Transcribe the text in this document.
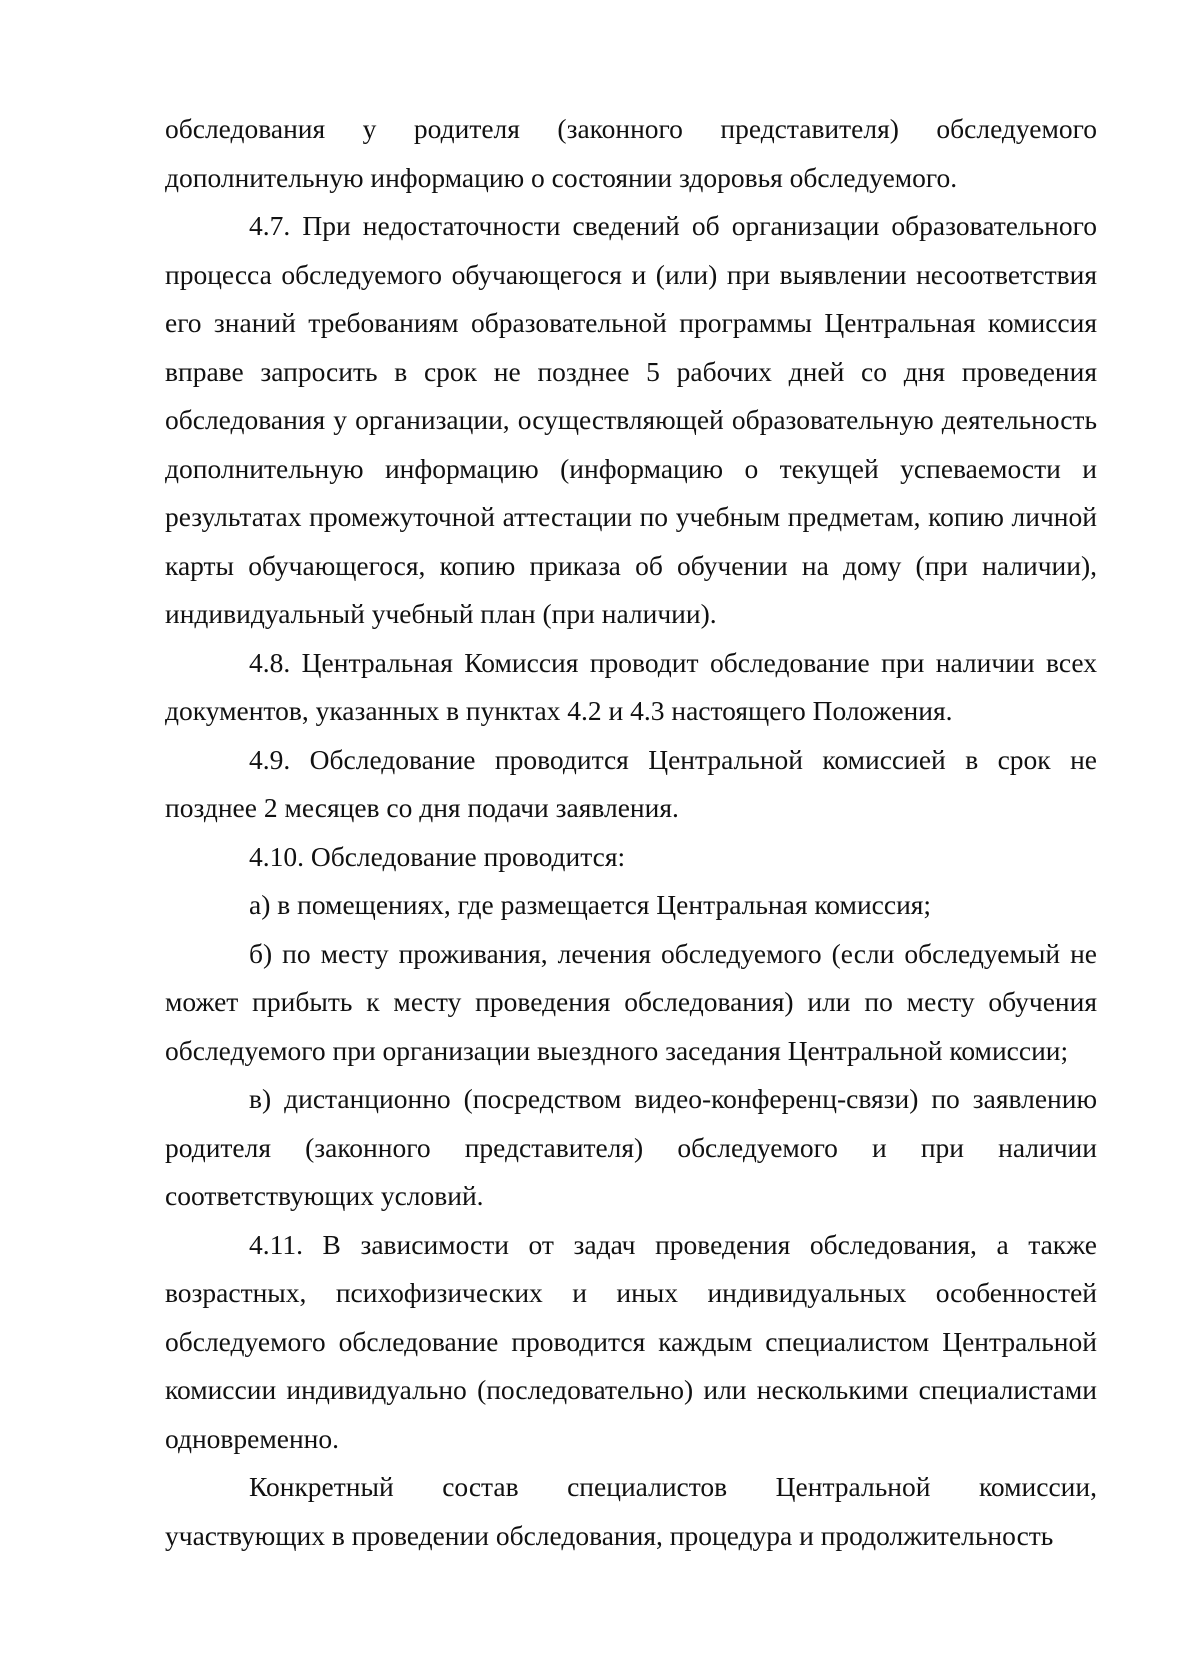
обследования у родителя (законного представителя) обследуемого дополнительную информацию о состоянии здоровья обследуемого.

4.7. При недостаточности сведений об организации образовательного процесса обследуемого обучающегося и (или) при выявлении несоответствия его знаний требованиям образовательной программы Центральная комиссия вправе запросить в срок не позднее 5 рабочих дней со дня проведения обследования у организации, осуществляющей образовательную деятельность дополнительную информацию (информацию о текущей успеваемости и результатах промежуточной аттестации по учебным предметам, копию личной карты обучающегося, копию приказа об обучении на дому (при наличии), индивидуальный учебный план (при наличии).

4.8. Центральная Комиссия проводит обследование при наличии всех документов, указанных в пунктах 4.2 и 4.3 настоящего Положения.

4.9. Обследование проводится Центральной комиссией в срок не позднее 2 месяцев со дня подачи заявления.

4.10. Обследование проводится:

а) в помещениях, где размещается Центральная комиссия;

б) по месту проживания, лечения обследуемого (если обследуемый не может прибыть к месту проведения обследования) или по месту обучения обследуемого при организации выездного заседания Центральной комиссии;

в) дистанционно (посредством видео-конференц-связи) по заявлению родителя (законного представителя) обследуемого и при наличии соответствующих условий.

4.11. В зависимости от задач проведения обследования, а также возрастных, психофизических и иных индивидуальных особенностей обследуемого обследование проводится каждым специалистом Центральной комиссии индивидуально (последовательно) или несколькими специалистами одновременно.

Конкретный состав специалистов Центральной комиссии, участвующих в проведении обследования, процедура и продолжительность
